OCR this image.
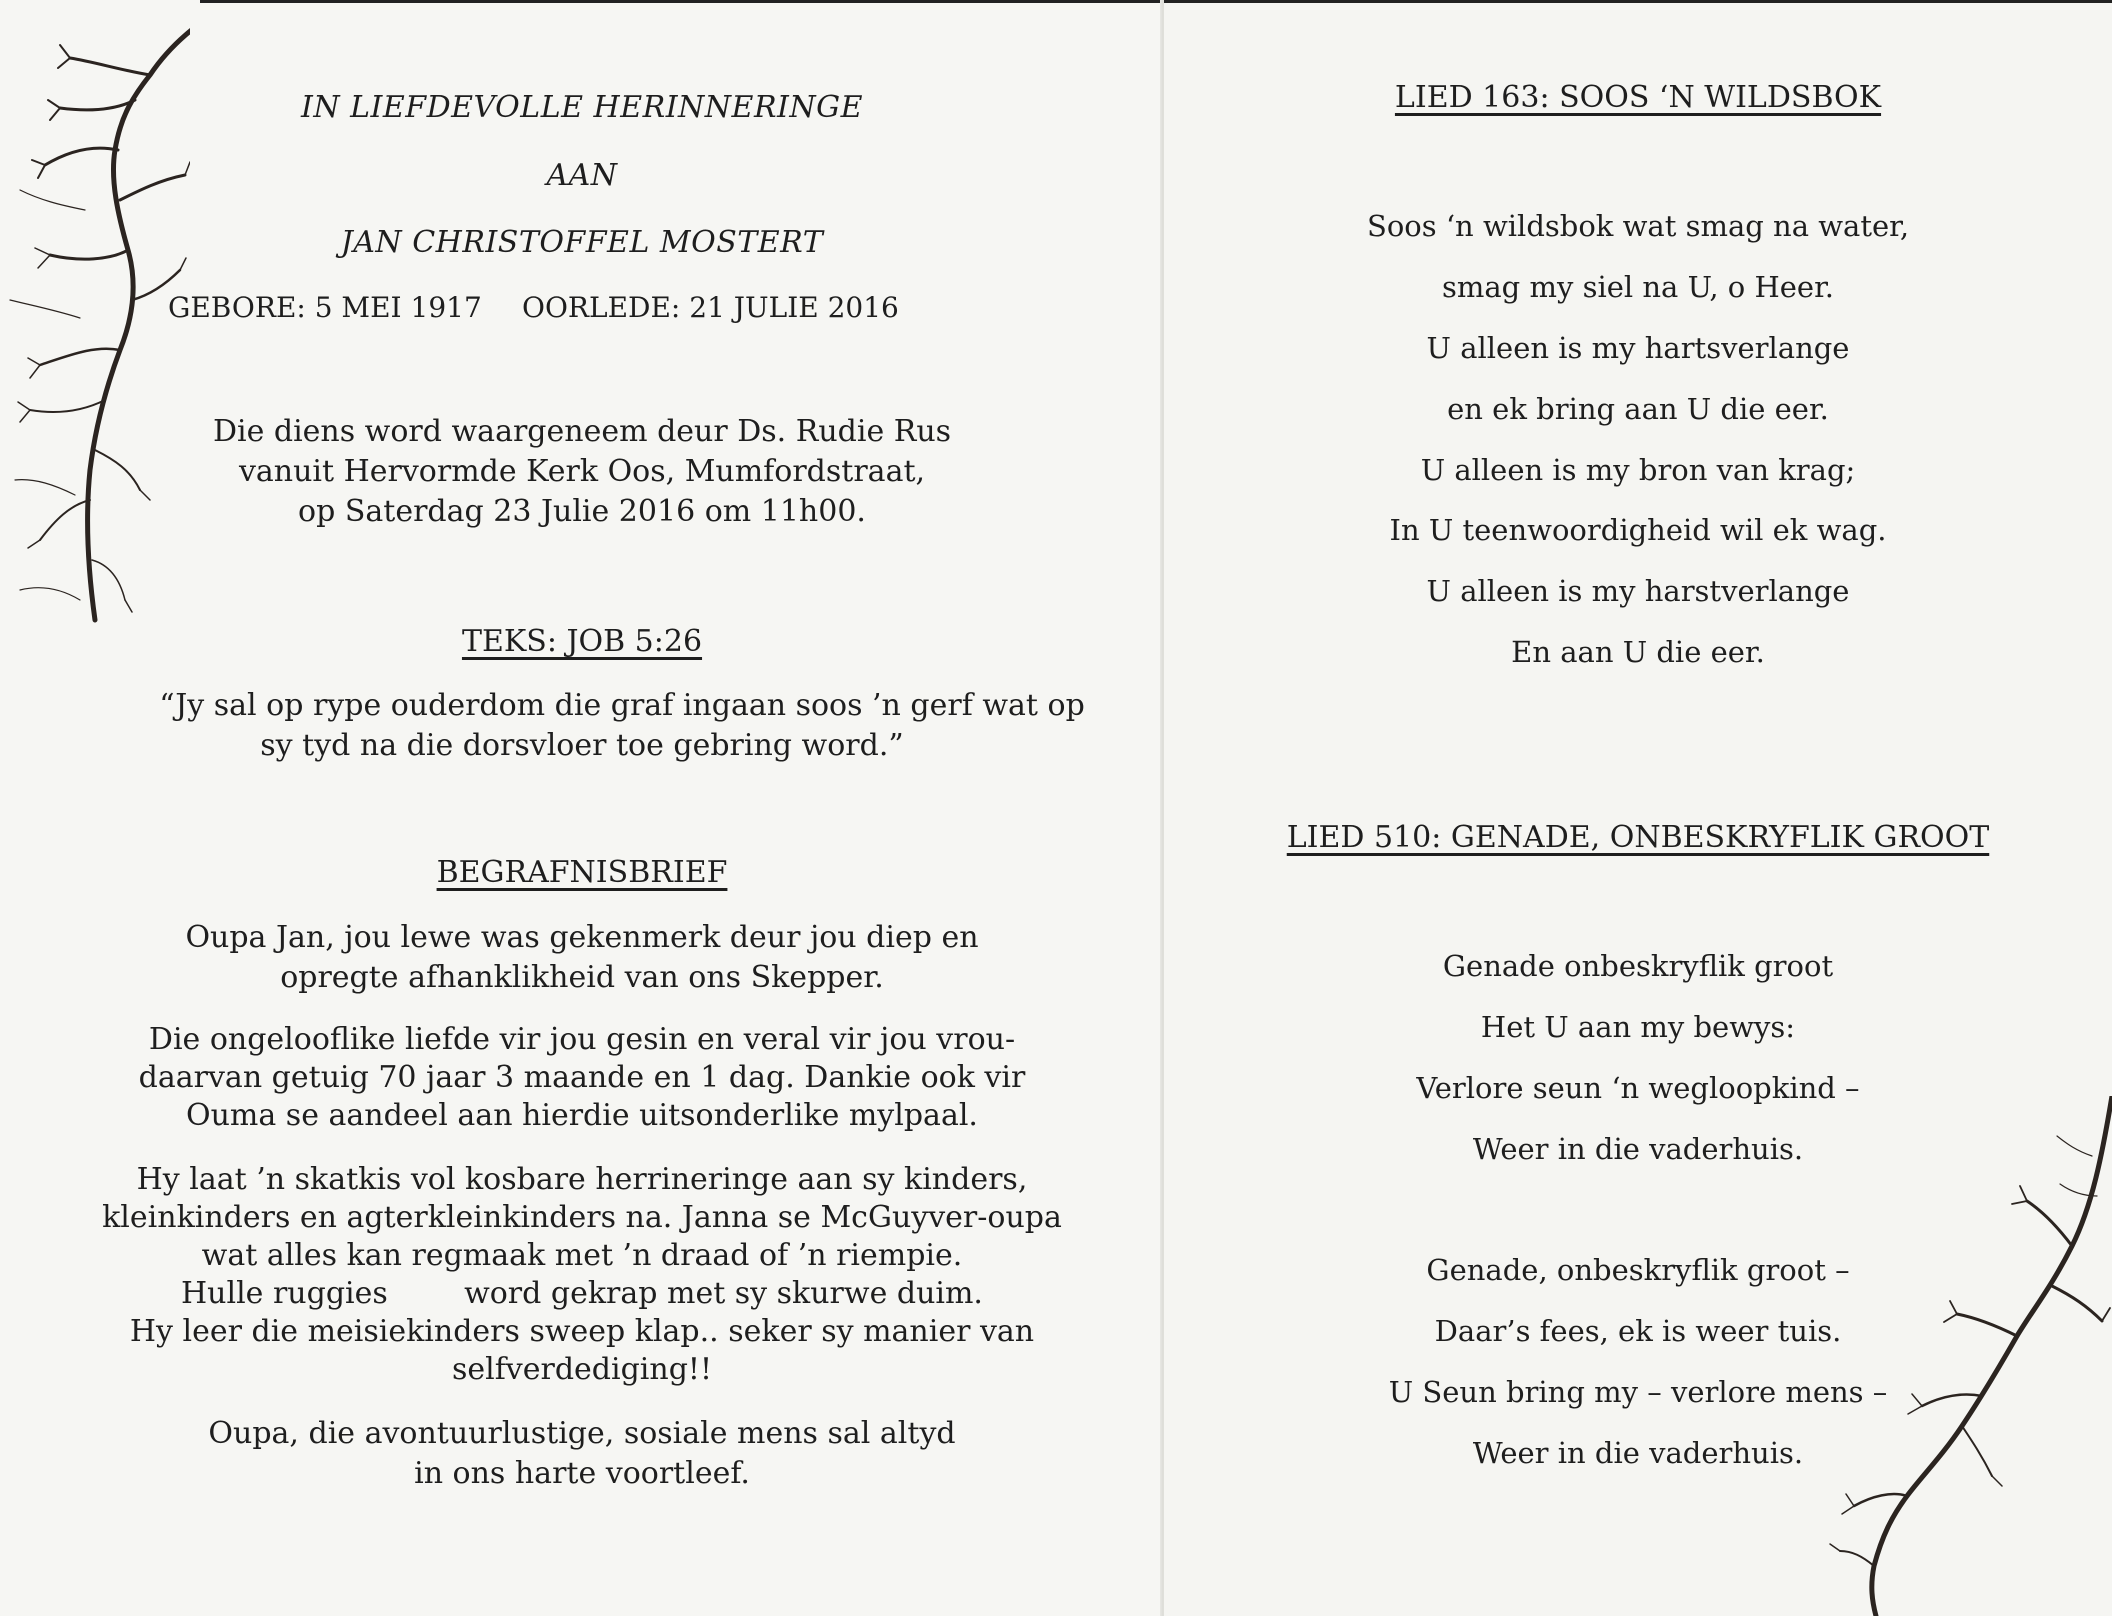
IN LIEFDEVOLLE HERINNERINGE
AAN
JAN CHRISTOFFEL MOSTERT
GEBORE: 5 MEI 1917	OORLEDE: 21 JULIE 2016
Die diens word waargeneem deur Ds. Rudie Rus
vanuit Hervormde Kerk Oos, Mumfordstraat,
op Saterdag 23 Julie 2016 om 11h00.
TEKS: JOB 5:26
“Jy sal op rype ouderdom die graf ingaan soos ’n gerf wat op
sy tyd na die dorsvloer toe gebring word.”
BEGRAFNISBRIEF
Oupa Jan, jou lewe was gekenmerk deur jou diep en
opregte afhanklikheid van ons Skepper.
Die ongelooflike liefde vir jou gesin en veral vir jou vrou-
daarvan getuig 70 jaar 3 maande en 1 dag. Dankie ook vir
Ouma se aandeel aan hierdie uitsonderlike mylpaal.
Hy laat ’n skatkis vol kosbare herrineringe aan sy kinders,
kleinkinders en agterkleinkinders na. Janna se McGuyver-oupa
wat alles kan regmaak met ’n draad of ’n riempie.
Hulle ruggies        word gekrap met sy skurwe duim.
Hy leer die meisiekinders sweep klap.. seker sy manier van
selfverdediging!!
Oupa, die avontuurlustige, sosiale mens sal altyd
in ons harte voortleef.
LIED 163: SOOS ‘N WILDSBOK
Soos ‘n wildsbok wat smag na water,
smag my siel na U, o Heer.
U alleen is my hartsverlange
en ek bring aan U die eer.
U alleen is my bron van krag;
In U teenwoordigheid wil ek wag.
U alleen is my harstverlange
En aan U die eer.
LIED 510: GENADE, ONBESKRYFLIK GROOT
Genade onbeskryflik groot
Het U aan my bewys:
Verlore seun ‘n wegloopkind –
Weer in die vaderhuis.
Genade, onbeskryflik groot –
Daar’s fees, ek is weer tuis.
U Seun bring my – verlore mens –
Weer in die vaderhuis.
